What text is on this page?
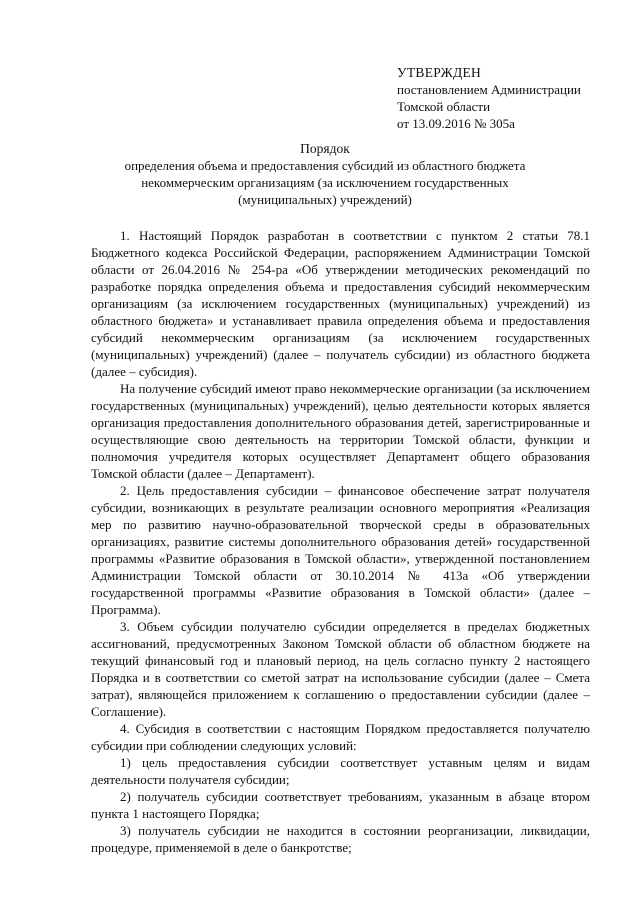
УТВЕРЖДЕН
постановлением Администрации
Томской области
от 13.09.2016 № 305а
Порядок
определения объема и предоставления субсидий из областного бюджета
некоммерческим организациям (за исключением государственных
(муниципальных) учреждений)

1. Настоящий Порядок разработан в соответствии с пунктом 2 статьи 78.1 Бюджетного кодекса Российской Федерации, распоряжением Администрации Томской области от 26.04.2016 № 254-ра «Об утверждении методических рекомендаций по разработке порядка определения объема и предоставления субсидий некоммерческим организациям (за исключением государственных (муниципальных) учреждений) из областного бюджета» и устанавливает правила определения объема и предоставления субсидий некоммерческим организациям (за исключением государственных (муниципальных) учреждений) (далее – получатель субсидии) из областного бюджета (далее – субсидия).

На получение субсидий имеют право некоммерческие организации (за исключением государственных (муниципальных) учреждений), целью деятельности которых является организация предоставления дополнительного образования детей, зарегистрированные и осуществляющие свою деятельность на территории Томской области, функции и полномочия учредителя которых осуществляет Департамент общего образования Томской области (далее – Департамент).

2. Цель предоставления субсидии – финансовое обеспечение затрат получателя субсидии, возникающих в результате реализации основного мероприятия «Реализация мер по развитию научно-образовательной творческой среды в образовательных организациях, развитие системы дополнительного образования детей» государственной программы «Развитие образования в Томской области», утвержденной постановлением Администрации Томской области от 30.10.2014 № 413а «Об утверждении государственной программы «Развитие образования в Томской области» (далее – Программа).

3. Объем субсидии получателю субсидии определяется в пределах бюджетных ассигнований, предусмотренных Законом Томской области об областном бюджете на текущий финансовый год и плановый период, на цель согласно пункту 2 настоящего Порядка и в соответствии со сметой затрат на использование субсидии (далее – Смета затрат), являющейся приложением к соглашению о предоставлении субсидии (далее – Соглашение).

4. Субсидия в соответствии с настоящим Порядком предоставляется получателю субсидии при соблюдении следующих условий:

1) цель предоставления субсидии соответствует уставным целям и видам деятельности получателя субсидии;

2) получатель субсидии соответствует требованиям, указанным в абзаце втором пункта 1 настоящего Порядка;

3) получатель субсидии не находится в состоянии реорганизации, ликвидации, процедуре, применяемой в деле о банкротстве;
